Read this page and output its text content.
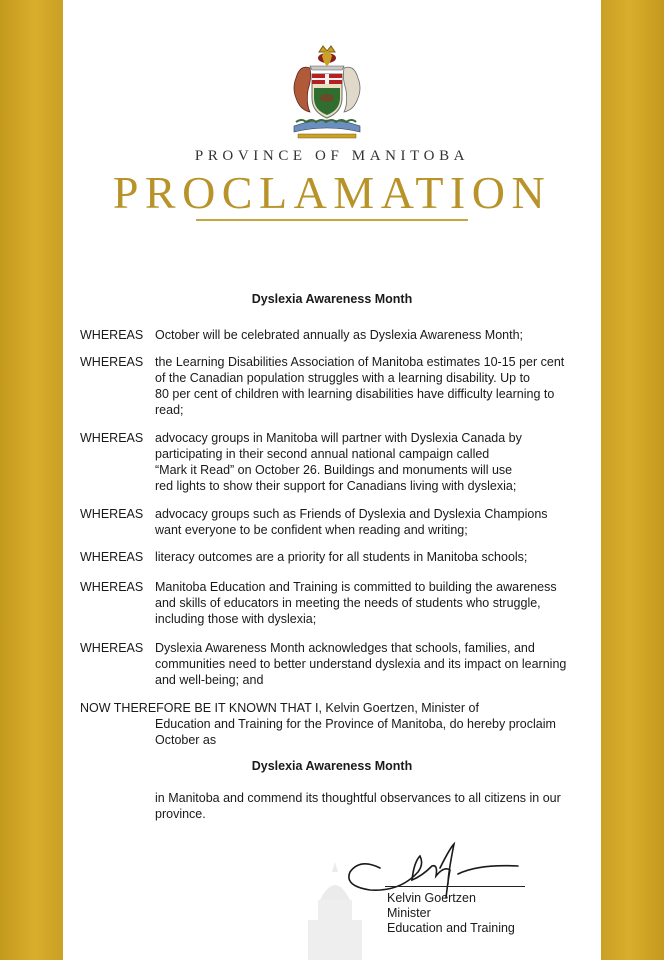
PROVINCE OF MANITOBA
PROCLAMATION
Dyslexia Awareness Month
WHEREAS October will be celebrated annually as Dyslexia Awareness Month;
WHEREAS the Learning Disabilities Association of Manitoba estimates 10-15 per cent
of the Canadian population struggles with a learning disability. Up to
80 per cent of children with learning disabilities have difficulty learning to
read;
WHEREAS advocacy groups in Manitoba will partner with Dyslexia Canada by
participating in their second annual national campaign called
“Mark it Read” on October 26. Buildings and monuments will use
red lights to show their support for Canadians living with dyslexia;
WHEREAS advocacy groups such as Friends of Dyslexia and Dyslexia Champions
want everyone to be confident when reading and writing;
WHEREAS literacy outcomes are a priority for all students in Manitoba schools;
WHEREAS Manitoba Education and Training is committed to building the awareness
and skills of educators in meeting the needs of students who struggle,
including those with dyslexia;
WHEREAS Dyslexia Awareness Month acknowledges that schools, families, and
communities need to better understand dyslexia and its impact on learning
and well-being; and
NOW THEREFORE BE IT KNOWN THAT I, Kelvin Goertzen, Minister of
Education and Training for the Province of Manitoba, do hereby proclaim
October as
Dyslexia Awareness Month
in Manitoba and commend its thoughtful observances to all citizens in our
province.
Kelvin Goertzen
Minister
Education and Training
